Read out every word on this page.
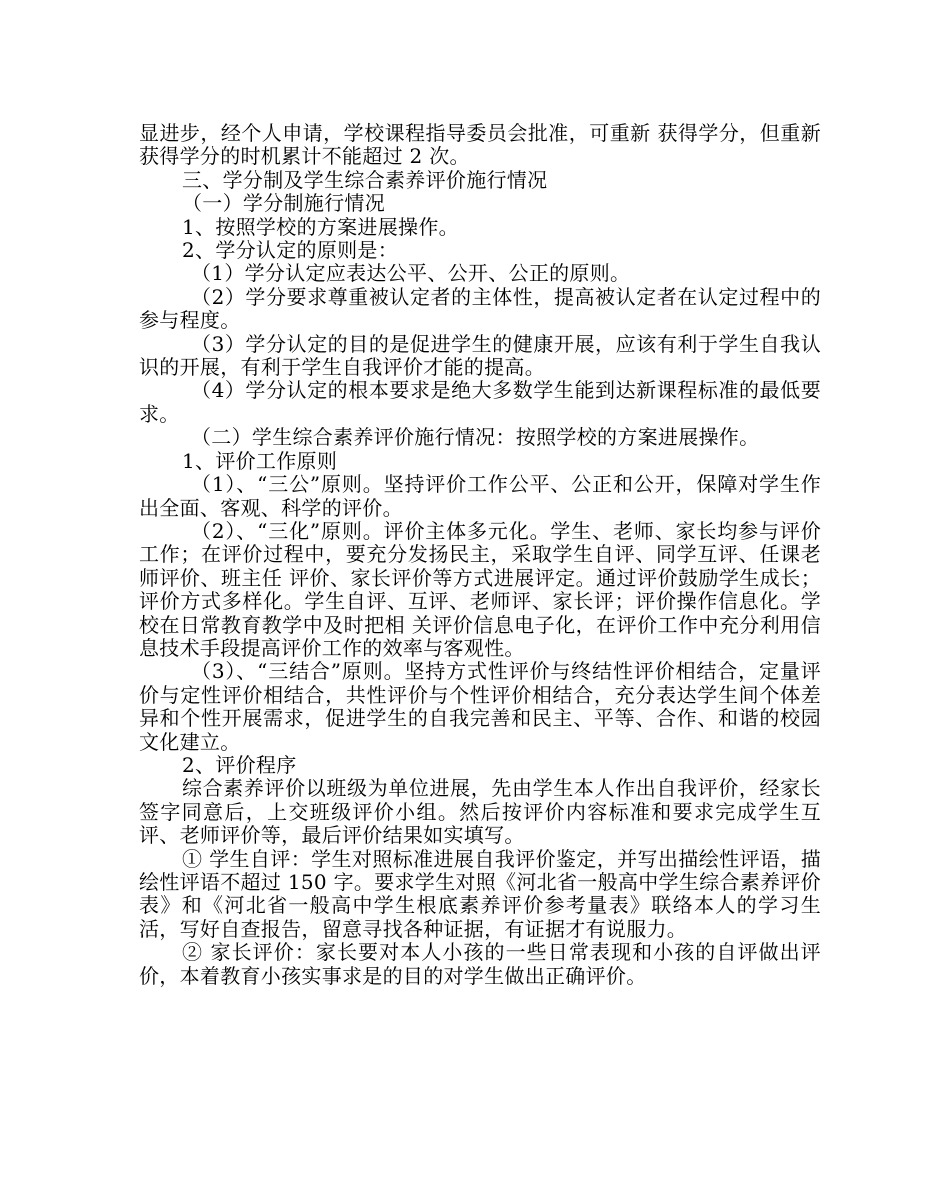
显进步，经个人申请，学校课程指导委员会批准，可重新 获得学分，但重新获得学分的时机累计不能超过 2 次。

三、学分制及学生综合素养评价施行情况

（一）学分制施行情况

1、按照学校的方案进展操作。

2、学分认定的原则是：

（1）学分认定应表达公平、公开、公正的原则。

（2）学分要求尊重被认定者的主体性，提高被认定者在认定过程中的参与程度。

（3）学分认定的目的是促进学生的健康开展，应该有利于学生自我认识的开展，有利于学生自我评价才能的提高。

（4）学分认定的根本要求是绝大多数学生能到达新课程标准的最低要求。

（二）学生综合素养评价施行情况：按照学校的方案进展操作。

1、评价工作原则

（1）、“三公”原则。坚持评价工作公平、公正和公开，保障对学生作出全面、客观、科学的评价。

（2）、“三化”原则。评价主体多元化。学生、老师、家长均参与评价工作；在评价过程中，要充分发扬民主，采取学生自评、同学互评、任课老师评价、班主任 评价、家长评价等方式进展评定。通过评价鼓励学生成长；评价方式多样化。学生自评、互评、老师评、家长评；评价操作信息化。学校在日常教育教学中及时把相 关评价信息电子化，在评价工作中充分利用信息技术手段提高评价工作的效率与客观性。

（3）、“三结合”原则。坚持方式性评价与终结性评价相结合，定量评价与定性评价相结合，共性评价与个性评价相结合，充分表达学生间个体差异和个性开展需求，促进学生的自我完善和民主、平等、合作、和谐的校园文化建立。

2、评价程序

综合素养评价以班级为单位进展，先由学生本人作出自我评价，经家长签字同意后，上交班级评价小组。然后按评价内容标准和要求完成学生互评、老师评价等，最后评价结果如实填写。

① 学生自评：学生对照标准进展自我评价鉴定，并写出描绘性评语，描绘性评语不超过 150 字。要求学生对照《河北省一般高中学生综合素养评价表》和《河北省一般高中学生根底素养评价参考量表》联络本人的学习生活，写好自查报告，留意寻找各种证据，有证据才有说服力。

② 家长评价：家长要对本人小孩的一些日常表现和小孩的自评做出评价，本着教育小孩实事求是的目的对学生做出正确评价。
